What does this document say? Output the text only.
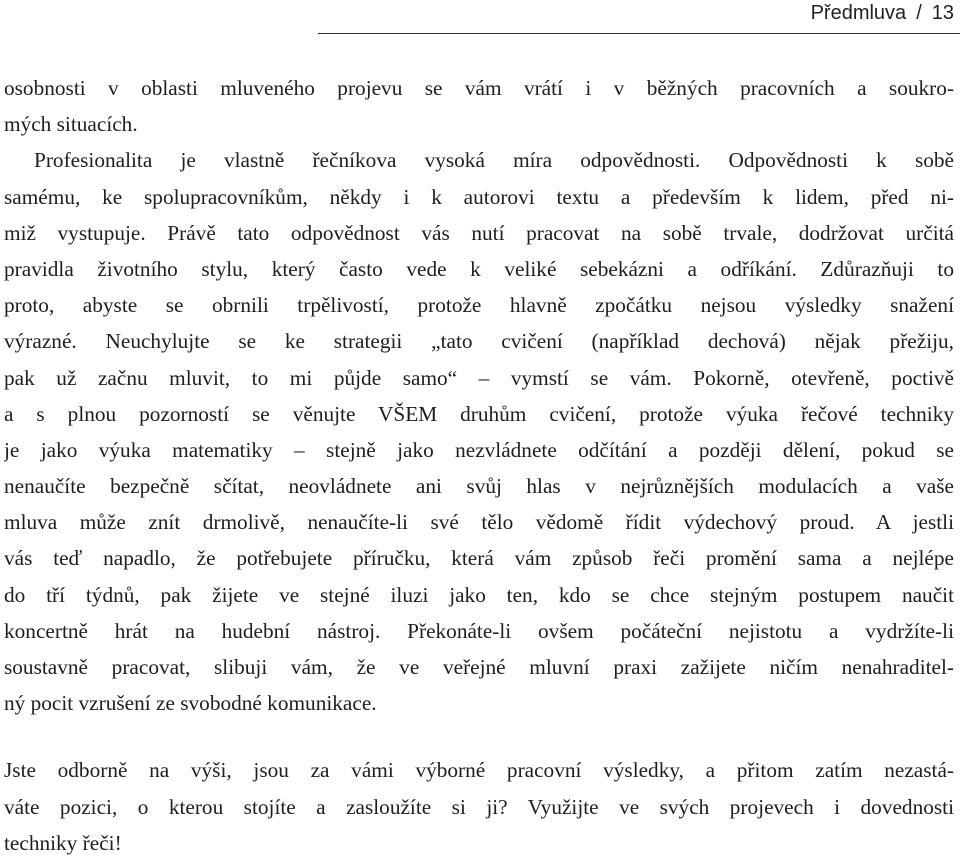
Předmluva / 13
osobnosti v oblasti mluveného projevu se vám vrátí i v běžných pracovních a soukro-
mých situacích.
Profesionalita je vlastně řečníkova vysoká míra odpovědnosti. Odpovědnosti k sobě
samému, ke spolupracovníkům, někdy i k autorovi textu a především k lidem, před ni-
miž vystupuje. Právě tato odpovědnost vás nutí pracovat na sobě trvale, dodržovat určitá
pravidla životního stylu, který často vede k veliké sebekázni a odříkání. Zdůrazňuji to
proto, abyste se obrnili trpělivostí, protože hlavně zpočátku nejsou výsledky snažení
výrazné. Neuchylujte se ke strategii „tato cvičení (například dechová) nějak přežiju,
pak už začnu mluvit, to mi půjde samo“ – vymstí se vám. Pokorně, otevřeně, poctivě
a s plnou pozorností se věnujte VŠEM druhům cvičení, protože výuka řečové techniky
je jako výuka matematiky – stejně jako nezvládnete odčítání a později dělení, pokud se
nenaučíte bezpečně sčítat, neovládnete ani svůj hlas v nejrůznějších modulacích a vaše
mluva může znít drmolivě, nenaučíte-li své tělo vědomě řídit výdechový proud. A jestli
vás teď napadlo, že potřebujete příručku, která vám způsob řeči promění sama a nejlépe
do tří týdnů, pak žijete ve stejné iluzi jako ten, kdo se chce stejným postupem naučit
koncertně hrát na hudební nástroj. Překonáte-li ovšem počáteční nejistotu a vydržíte-li
soustavně pracovat, slibuji vám, že ve veřejné mluvní praxi zažijete ničím nenahraditel-
ný pocit vzrušení ze svobodné komunikace.
Jste odborně na výši, jsou za vámi výborné pracovní výsledky, a přitom zatím nezastá-
váte pozici, o kterou stojíte a zasloužíte si ji? Využijte ve svých projevech i dovednosti
techniky řeči!
